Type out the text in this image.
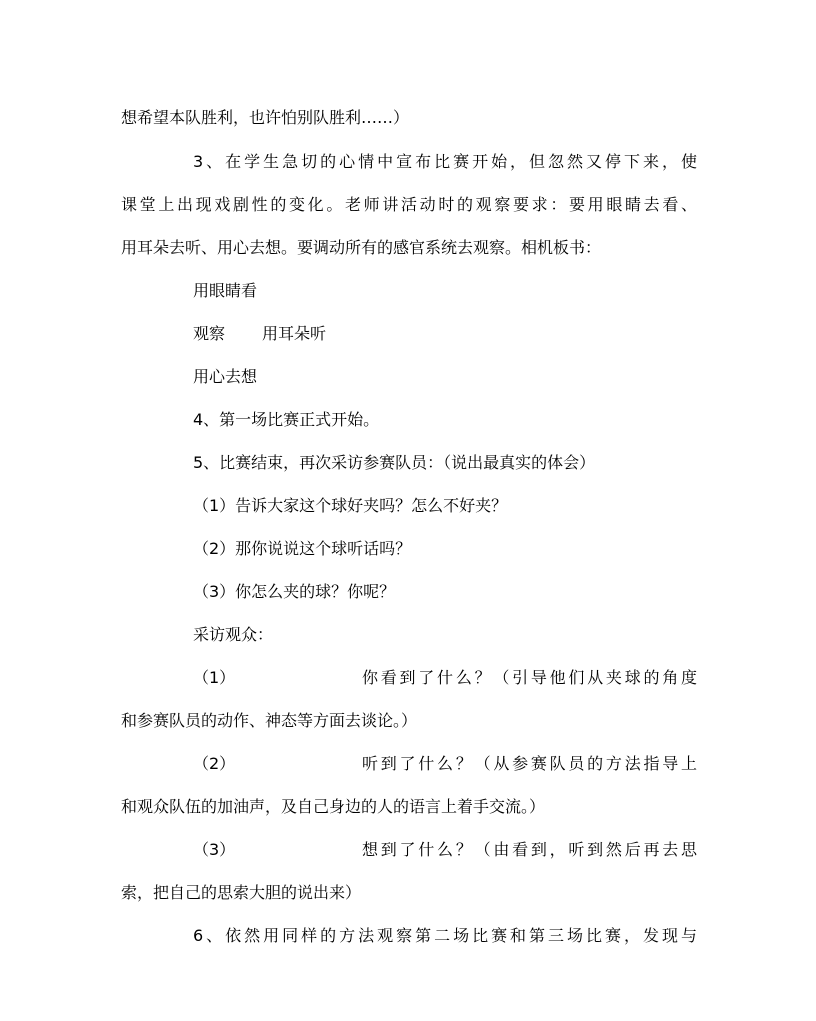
想希望本队胜利，也许怕别队胜利……）
3、在学生急切的心情中宣布比赛开始，但忽然又停下来，使
课堂上出现戏剧性的变化。老师讲活动时的观察要求：要用眼睛去看、
用耳朵去听、用心去想。要调动所有的感官系统去观察。相机板书：
用眼睛看
观察 用耳朵听
用心去想
4、第一场比赛正式开始。
5、比赛结束，再次采访参赛队员：（说出最真实的体会）
（1）告诉大家这个球好夹吗？怎么不好夹？
（2）那你说说这个球听话吗？
（3）你怎么夹的球？你呢？
采访观众：
（1）	你看到了什么？（引导他们从夹球的角度
和参赛队员的动作、神态等方面去谈论。）
（2）	听到了什么？（从参赛队员的方法指导上
和观众队伍的加油声，及自己身边的人的语言上着手交流。）
（3）	想到了什么？（由看到，听到然后再去思
索，把自己的思索大胆的说出来）
6、依然用同样的方法观察第二场比赛和第三场比赛，发现与
